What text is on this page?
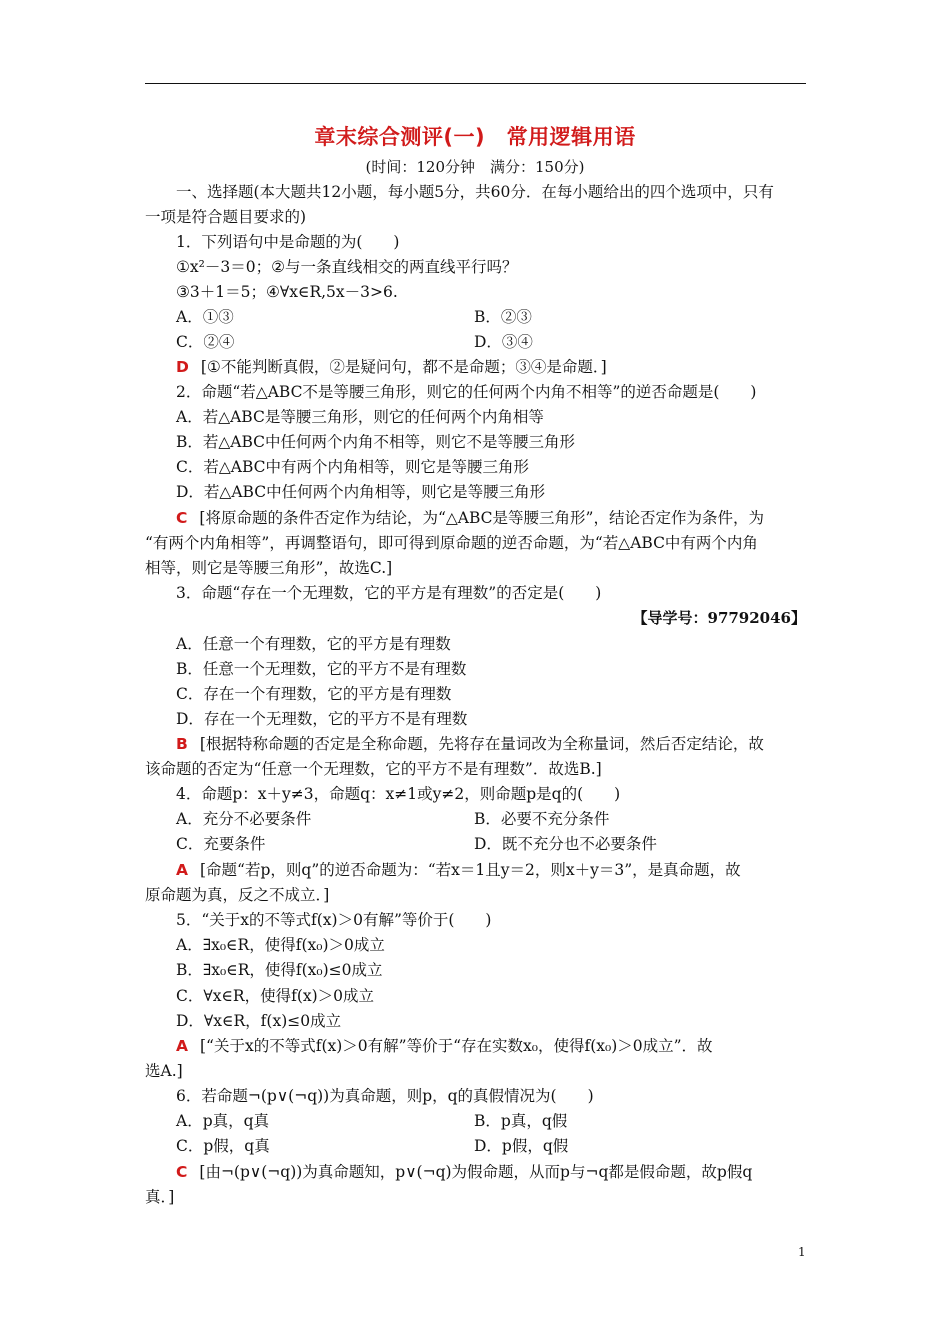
章末综合测评(一)　常用逻辑用语
(时间：120分钟　满分：150分)
一、选择题(本大题共12小题，每小题5分，共60分．在每小题给出的四个选项中，只有
一项是符合题目要求的)
1．下列语句中是命题的为(　　)
①x²－3＝0；②与一条直线相交的两直线平行吗？
③3＋1＝5；④∀x∈R,5x－3>6.
A．①③	B．②③
C．②④	D．③④
D [①不能判断真假，②是疑问句，都不是命题；③④是命题．]
2．命题“若△ABC不是等腰三角形，则它的任何两个内角不相等”的逆否命题是(　　)
A．若△ABC是等腰三角形，则它的任何两个内角相等
B．若△ABC中任何两个内角不相等，则它不是等腰三角形
C．若△ABC中有两个内角相等，则它是等腰三角形
D．若△ABC中任何两个内角相等，则它是等腰三角形
C [将原命题的条件否定作为结论，为“△ABC是等腰三角形”，结论否定作为条件，为
“有两个内角相等”，再调整语句，即可得到原命题的逆否命题，为“若△ABC中有两个内角
相等，则它是等腰三角形”，故选C.]
3．命题“存在一个无理数，它的平方是有理数”的否定是(　　)
【导学号：97792046】
A．任意一个有理数，它的平方是有理数
B．任意一个无理数，它的平方不是有理数
C．存在一个有理数，它的平方是有理数
D．存在一个无理数，它的平方不是有理数
B [根据特称命题的否定是全称命题，先将存在量词改为全称量词，然后否定结论，故
该命题的否定为“任意一个无理数，它的平方不是有理数”．故选B.]
4．命题p：x＋y≠3，命题q：x≠1或y≠2，则命题p是q的(　　)
A．充分不必要条件	B．必要不充分条件
C．充要条件	D．既不充分也不必要条件
A [命题“若p，则q”的逆否命题为：“若x＝1且y＝2，则x＋y＝3”，是真命题，故
原命题为真，反之不成立．]
5．“关于x的不等式f(x)＞0有解”等价于(　　)
A．∃x₀∈R，使得f(x₀)＞0成立
B．∃x₀∈R，使得f(x₀)≤0成立
C．∀x∈R，使得f(x)＞0成立
D．∀x∈R，f(x)≤0成立
A [“关于x的不等式f(x)＞0有解”等价于“存在实数x₀，使得f(x₀)＞0成立”．故
选A.]
6．若命题¬(p∨(¬q))为真命题，则p，q的真假情况为(　　)
A．p真，q真	B．p真，q假
C．p假，q真	D．p假，q假
C [由¬(p∨(¬q))为真命题知，p∨(¬q)为假命题，从而p与¬q都是假命题，故p假q
真．]
1
